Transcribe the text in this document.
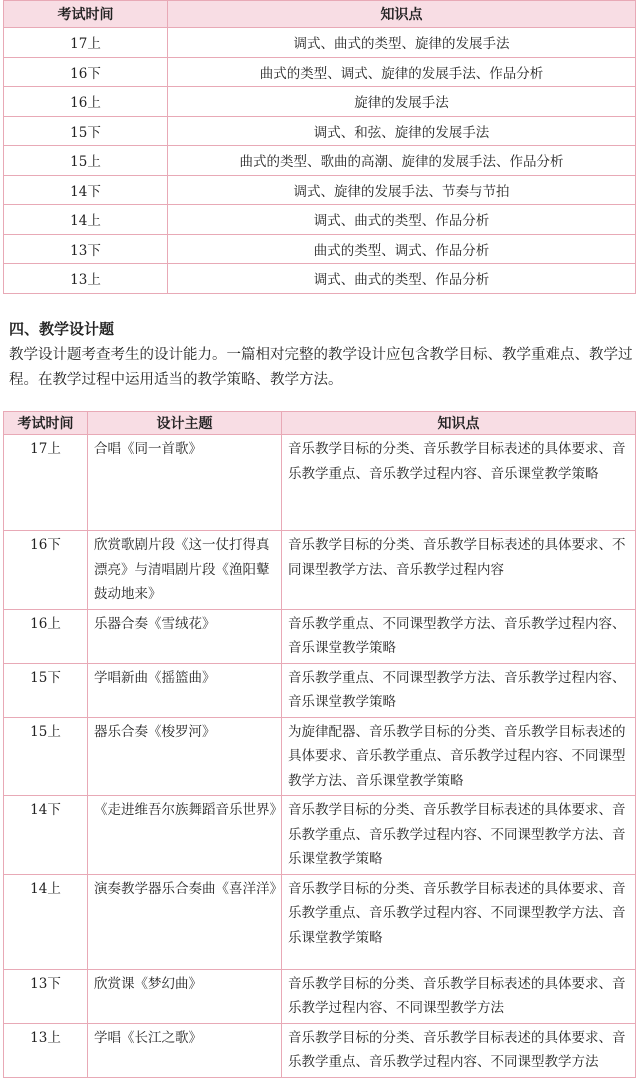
考试时间	知识点
17上	调式、曲式的类型、旋律的发展手法
16下	曲式的类型、调式、旋律的发展手法、作品分析
16上	旋律的发展手法
15下	调式、和弦、旋律的发展手法
15上	曲式的类型、歌曲的高潮、旋律的发展手法、作品分析
14下	调式、旋律的发展手法、节奏与节拍
14上	调式、曲式的类型、作品分析
13下	曲式的类型、调式、作品分析
13上	调式、曲式的类型、作品分析
四、教学设计题
教学设计题考查考生的设计能力。一篇相对完整的教学设计应包含教学目标、教学重难点、教学过程。在教学过程中运用适当的教学策略、教学方法。
考试时间	设计主题	知识点
17上	合唱《同一首歌》	音乐教学目标的分类、音乐教学目标表述的具体要求、音乐教学重点、音乐教学过程内容、音乐课堂教学策略
16下	欣赏歌剧片段《这一仗打得真漂亮》与清唱剧片段《渔阳鼙鼓动地来》	音乐教学目标的分类、音乐教学目标表述的具体要求、不同课型教学方法、音乐教学过程内容
16上	乐器合奏《雪绒花》	音乐教学重点、不同课型教学方法、音乐教学过程内容、音乐课堂教学策略
15下	学唱新曲《摇篮曲》	音乐教学重点、不同课型教学方法、音乐教学过程内容、音乐课堂教学策略
15上	器乐合奏《梭罗河》	为旋律配器、音乐教学目标的分类、音乐教学目标表述的具体要求、音乐教学重点、音乐教学过程内容、不同课型教学方法、音乐课堂教学策略
14下	《走进维吾尔族舞蹈音乐世界》	音乐教学目标的分类、音乐教学目标表述的具体要求、音乐教学重点、音乐教学过程内容、不同课型教学方法、音乐课堂教学策略
14上	演奏教学器乐合奏曲《喜洋洋》	音乐教学目标的分类、音乐教学目标表述的具体要求、音乐教学重点、音乐教学过程内容、不同课型教学方法、音乐课堂教学策略
13下	欣赏课《梦幻曲》	音乐教学目标的分类、音乐教学目标表述的具体要求、音乐教学过程内容、不同课型教学方法
13上	学唱《长江之歌》	音乐教学目标的分类、音乐教学目标表述的具体要求、音乐教学重点、音乐教学过程内容、不同课型教学方法
